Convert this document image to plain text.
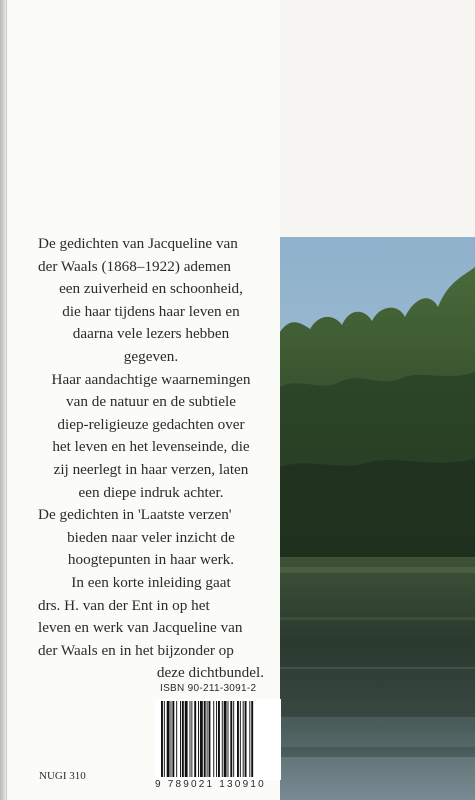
De gedichten van Jacqueline van
der Waals (1868–1922) ademen
een zuiverheid en schoonheid,
die haar tijdens haar leven en
daarna vele lezers hebben
gegeven.
Haar aandachtige waarnemingen
van de natuur en de subtiele
diep-religieuze gedachten over
het leven en het levenseinde, die
zij neerlegt in haar verzen, laten
een diepe indruk achter.
De gedichten in 'Laatste verzen'
bieden naar veler inzicht de
hoogtepunten in haar werk.
In een korte inleiding gaat
drs. H. van der Ent in op het
leven en werk van Jacqueline van
der Waals en in het bijzonder op
deze dichtbundel.
ISBN 90-211-3091-2
9 789021 130910
NUGI 310
